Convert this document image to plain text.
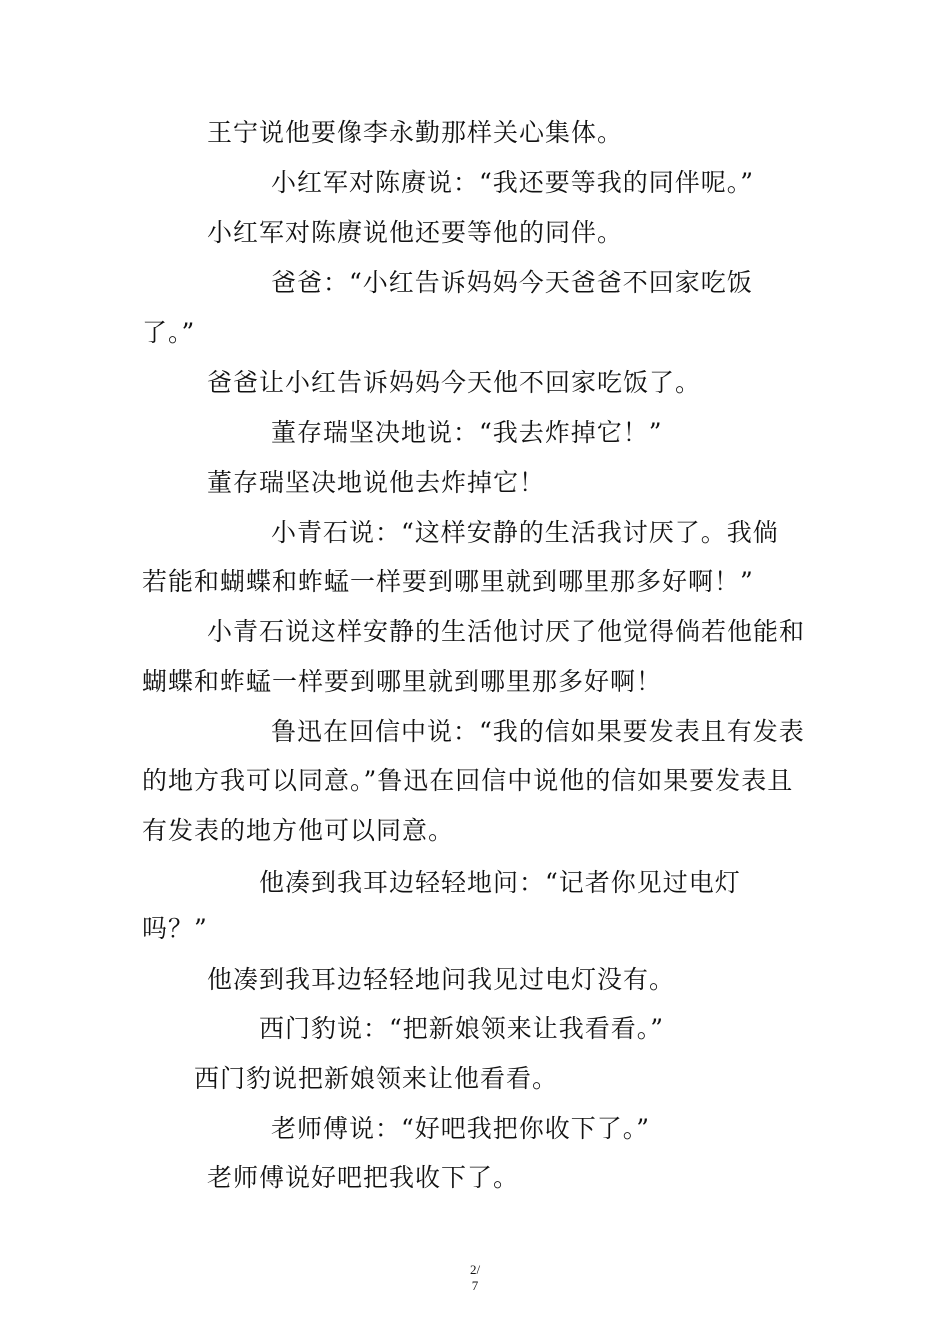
王宁说他要像李永勤那样关心集体。

小红军对陈赓说：“我还要等我的同伴呢。”

小红军对陈赓说他还要等他的同伴。

爸爸：“小红告诉妈妈今天爸爸不回家吃饭

了。”

爸爸让小红告诉妈妈今天他不回家吃饭了。

董存瑞坚决地说：“我去炸掉它！”

董存瑞坚决地说他去炸掉它！

小青石说：“这样安静的生活我讨厌了。我倘

若能和蝴蝶和蚱蜢一样要到哪里就到哪里那多好啊！”

小青石说这样安静的生活他讨厌了他觉得倘若他能和

蝴蝶和蚱蜢一样要到哪里就到哪里那多好啊！

鲁迅在回信中说：“我的信如果要发表且有发表

的地方我可以同意。”鲁迅在回信中说他的信如果要发表且

有发表的地方他可以同意。

他凑到我耳边轻轻地问：“记者你见过电灯

吗？”

他凑到我耳边轻轻地问我见过电灯没有。

西门豹说：“把新娘领来让我看看。”

西门豹说把新娘领来让他看看。

老师傅说：“好吧我把你收下了。”

老师傅说好吧把我收下了。

2/
7
